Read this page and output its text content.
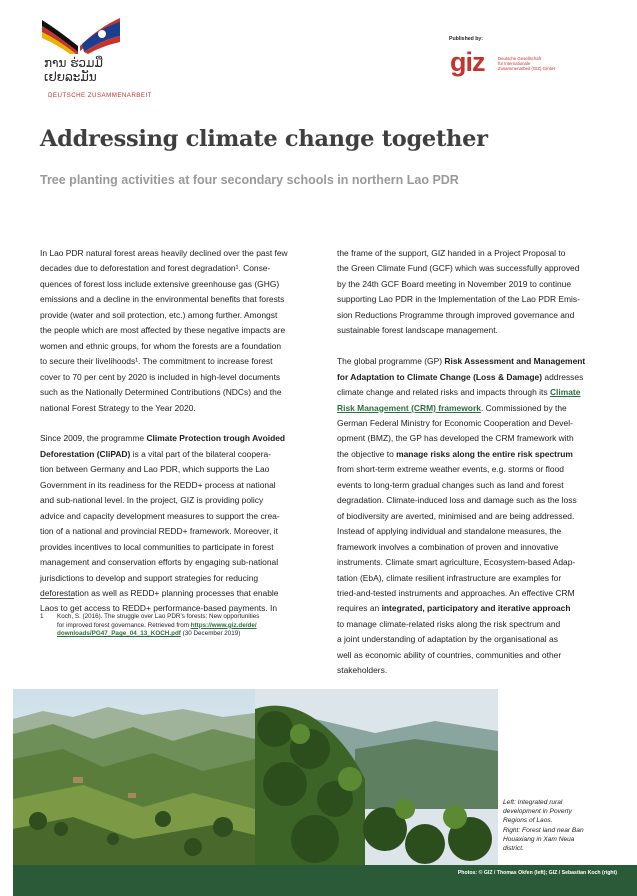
ການ ຮ່ວມມື
ເຢຍລະມັນ
DEUTSCHE ZUSAMMENARBEIT
Published by:
giz	Deutsche Gesellschaft
für Internationale
Zusammenarbeit (GIZ) GmbH
Addressing climate change together
Tree planting activities at four secondary schools in northern Lao PDR

In Lao PDR natural forest areas heavily declined over the past few
decades due to deforestation and forest degradation¹. Conse-
quences of forest loss include extensive greenhouse gas (GHG)
emissions and a decline in the environmental benefits that forests
provide (water and soil protection, etc.) among further. Amongst
the people which are most affected by these negative impacts are
women and ethnic groups, for whom the forests are a foundation
to secure their livelihoods¹. The commitment to increase forest
cover to 70 per cent by 2020 is included in high-level documents
such as the Nationally Determined Contributions (NDCs) and the
national Forest Strategy to the Year 2020.

Since 2009, the programme Climate Protection trough Avoided
Deforestation (CliPAD) is a vital part of the bilateral coopera-
tion between Germany and Lao PDR, which supports the Lao
Government in its readiness for the REDD+ process at national
and sub-national level. In the project, GIZ is providing policy
advice and capacity development measures to support the crea-
tion of a national and provincial REDD+ framework. Moreover, it
provides incentives to local communities to participate in forest
management and conservation efforts by engaging sub-national
jurisdictions to develop and support strategies for reducing
deforestation as well as REDD+ planning processes that enable
Laos to get access to REDD+ performance-based payments. In

1 Koch, S. (2016). The struggle over Lao PDR’s forests: New opportunities
for improved forest governance. Retrieved from https://www.giz.de/de/
downloads/PG47_Page_04_13_KOCH.pdf (30 December 2019)

the frame of the support, GIZ handed in a Project Proposal to
the Green Climate Fund (GCF) which was successfully approved
by the 24th GCF Board meeting in November 2019 to continue
supporting Lao PDR in the Implementation of the Lao PDR Emis-
sion Reductions Programme through improved governance and
sustainable forest landscape management.

The global programme (GP) Risk Assessment and Management
for Adaptation to Climate Change (Loss & Damage) addresses
climate change and related risks and impacts through its Climate
Risk Management (CRM) framework. Commissioned by the
German Federal Ministry for Economic Cooperation and Devel-
opment (BMZ), the GP has developed the CRM framework with
the objective to manage risks along the entire risk spectrum
from short-term extreme weather events, e.g. storms or flood
events to long-term gradual changes such as land and forest
degradation. Climate-induced loss and damage such as the loss
of biodiversity are averted, minimised and are being addressed.
Instead of applying individual and standalone measures, the
framework involves a combination of proven and innovative
instruments. Climate smart agriculture, Ecosystem-based Adap-
tation (EbA), climate resilient infrastructure are examples for
tried-and-tested instruments and approaches. An effective CRM
requires an integrated, participatory and iterative approach
to manage climate-related risks along the risk spectrum and
a joint understanding of adaptation by the organisational as
well as economic ability of countries, communities and other
stakeholders.

Left: Integrated rural
development in Poverty
Regions of Laos.
Right: Forest land near Ban
Houaxiang in Xam Neua
district.
Photos: © GIZ / Thomas Okfen (left); GIZ / Sebastian Koch (right)
